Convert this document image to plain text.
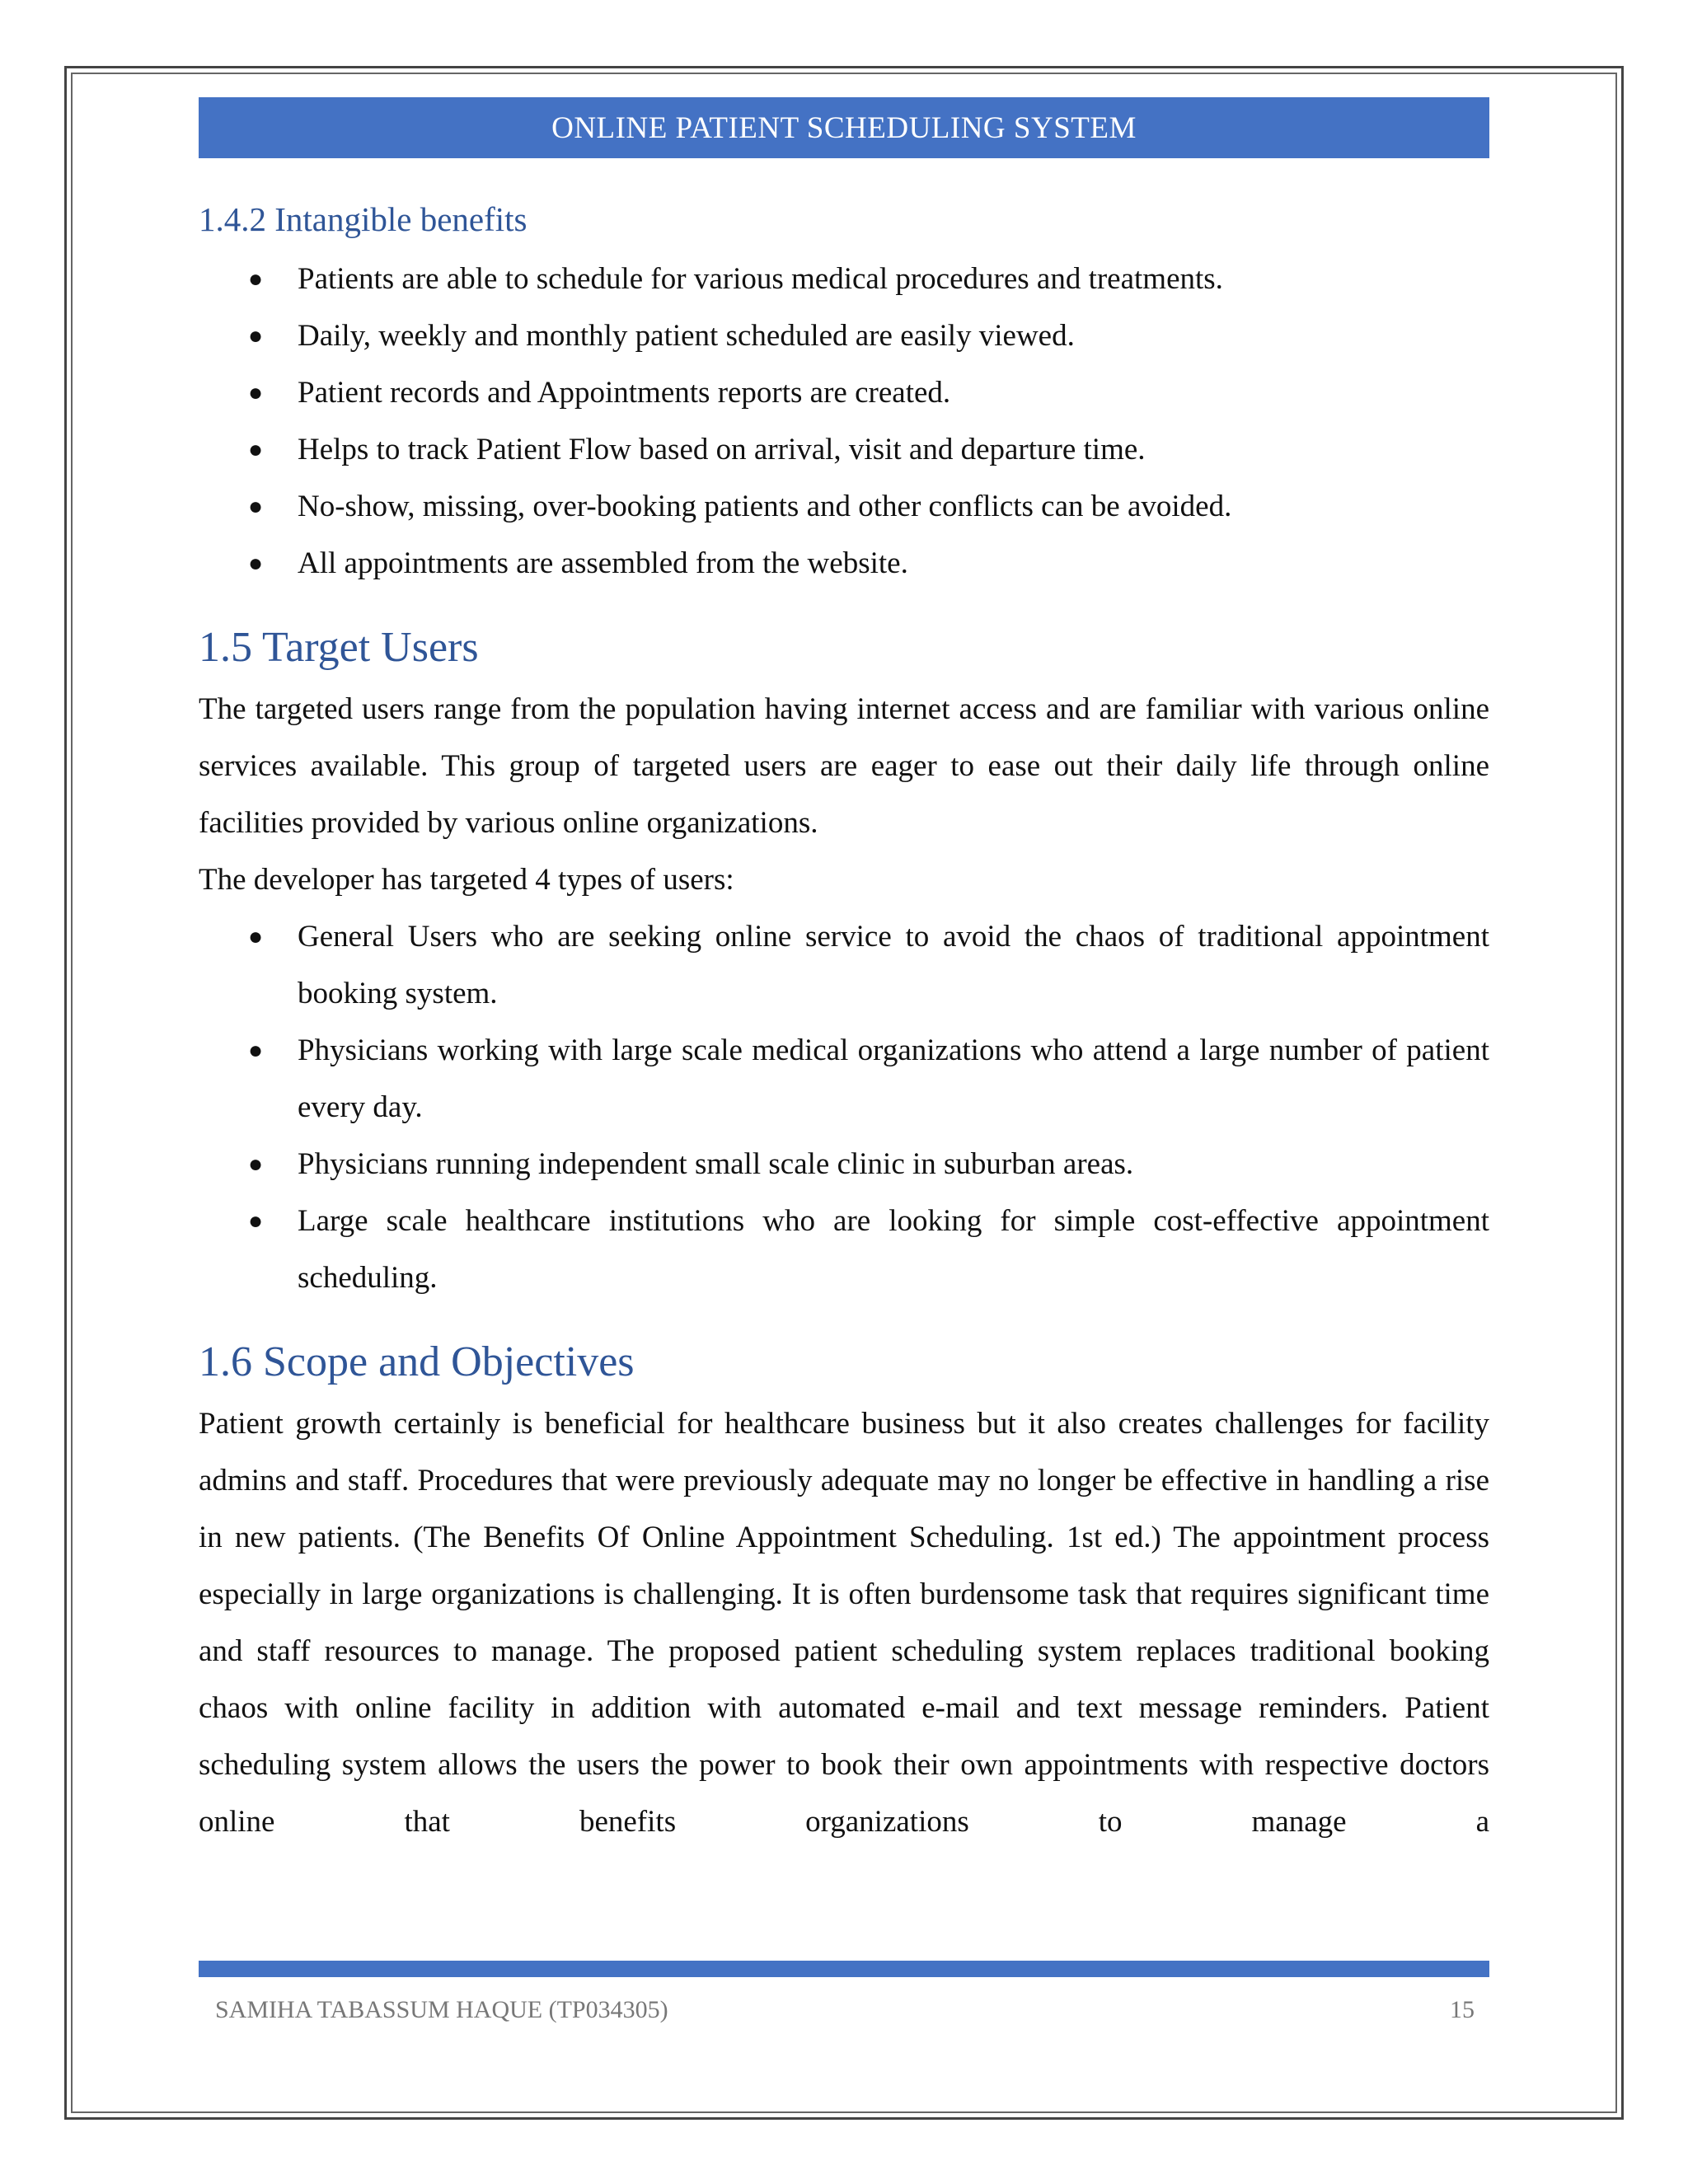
ONLINE PATIENT SCHEDULING SYSTEM
1.4.2 Intangible benefits
● Patients are able to schedule for various medical procedures and treatments.
● Daily, weekly and monthly patient scheduled are easily viewed.
● Patient records and Appointments reports are created.
● Helps to track Patient Flow based on arrival, visit and departure time.
● No-show, missing, over-booking patients and other conflicts can be avoided.
● All appointments are assembled from the website.
1.5 Target Users

The targeted users range from the population having internet access and are familiar with various online services available. This group of targeted users are eager to ease out their daily life through online facilities provided by various online organizations.

The developer has targeted 4 types of users:

● General Users who are seeking online service to avoid the chaos of traditional appointment booking system.
● Physicians working with large scale medical organizations who attend a large number of patient every day.
● Physicians running independent small scale clinic in suburban areas.
● Large scale healthcare institutions who are looking for simple cost-effective appointment scheduling.
1.6 Scope and Objectives

Patient growth certainly is beneficial for healthcare business but it also creates challenges for facility admins and staff. Procedures that were previously adequate may no longer be effective in handling a rise in new patients. (The Benefits Of Online Appointment Scheduling. 1st ed.) The appointment process especially in large organizations is challenging. It is often burdensome task that requires significant time and staff resources to manage. The proposed patient scheduling system replaces traditional booking chaos with online facility in addition with automated e-mail and text message reminders. Patient scheduling system allows the users the power to book their own appointments with respective doctors online that benefits organizations to manage a

SAMIHA TABASSUM HAQUE (TP034305)	15
